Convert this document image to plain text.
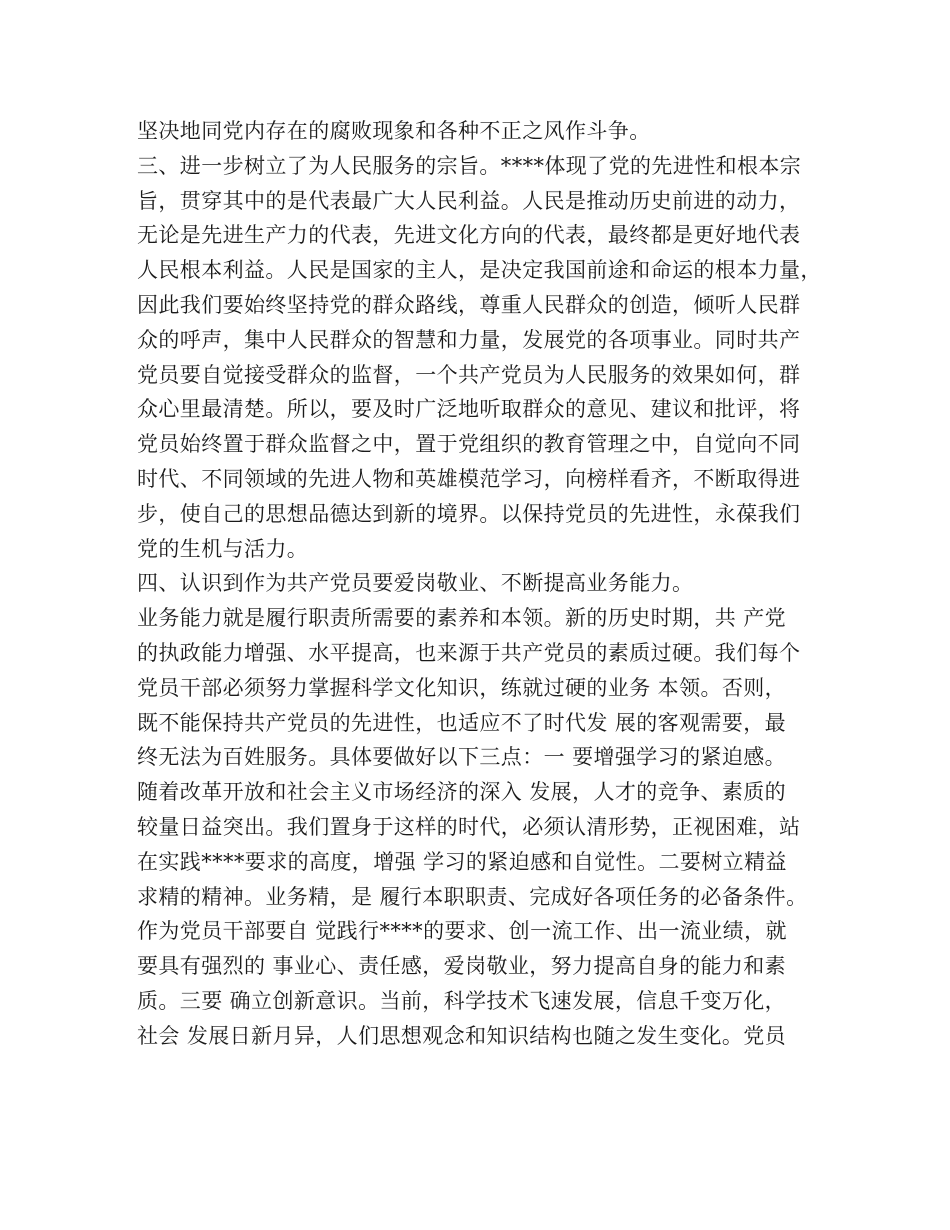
坚决地同党内存在的腐败现象和各种不正之风作斗争。
三、进一步树立了为人民服务的宗旨。****体现了党的先进性和根本宗
旨，贯穿其中的是代表最广大人民利益。人民是推动历史前进的动力，
无论是先进生产力的代表，先进文化方向的代表，最终都是更好地代表
人民根本利益。人民是国家的主人，是决定我国前途和命运的根本力量，
因此我们要始终坚持党的群众路线，尊重人民群众的创造，倾听人民群
众的呼声，集中人民群众的智慧和力量，发展党的各项事业。同时共产
党员要自觉接受群众的监督，一个共产党员为人民服务的效果如何，群
众心里最清楚。所以，要及时广泛地听取群众的意见、建议和批评，将
党员始终置于群众监督之中，置于党组织的教育管理之中，自觉向不同
时代、不同领域的先进人物和英雄模范学习，向榜样看齐，不断取得进
步，使自己的思想品德达到新的境界。以保持党员的先进性，永葆我们
党的生机与活力。
四、认识到作为共产党员要爱岗敬业、不断提高业务能力。
业务能力就是履行职责所需要的素养和本领。新的历史时期，共 产党
的执政能力增强、水平提高，也来源于共产党员的素质过硬。我们每个
党员干部必须努力掌握科学文化知识，练就过硬的业务 本领。否则，
既不能保持共产党员的先进性，也适应不了时代发 展的客观需要，最
终无法为百姓服务。具体要做好以下三点：一 要增强学习的紧迫感。
随着改革开放和社会主义市场经济的深入 发展，人才的竞争、素质的
较量日益突出。我们置身于这样的时代，必须认清形势，正视困难，站
在实践****要求的高度，增强 学习的紧迫感和自觉性。二要树立精益
求精的精神。业务精，是 履行本职职责、完成好各项任务的必备条件。
作为党员干部要自 觉践行****的要求、创一流工作、出一流业绩，就
要具有强烈的 事业心、责任感，爱岗敬业，努力提高自身的能力和素
质。三要 确立创新意识。当前，科学技术飞速发展，信息千变万化，
社会 发展日新月异，人们思想观念和知识结构也随之发生变化。党员
